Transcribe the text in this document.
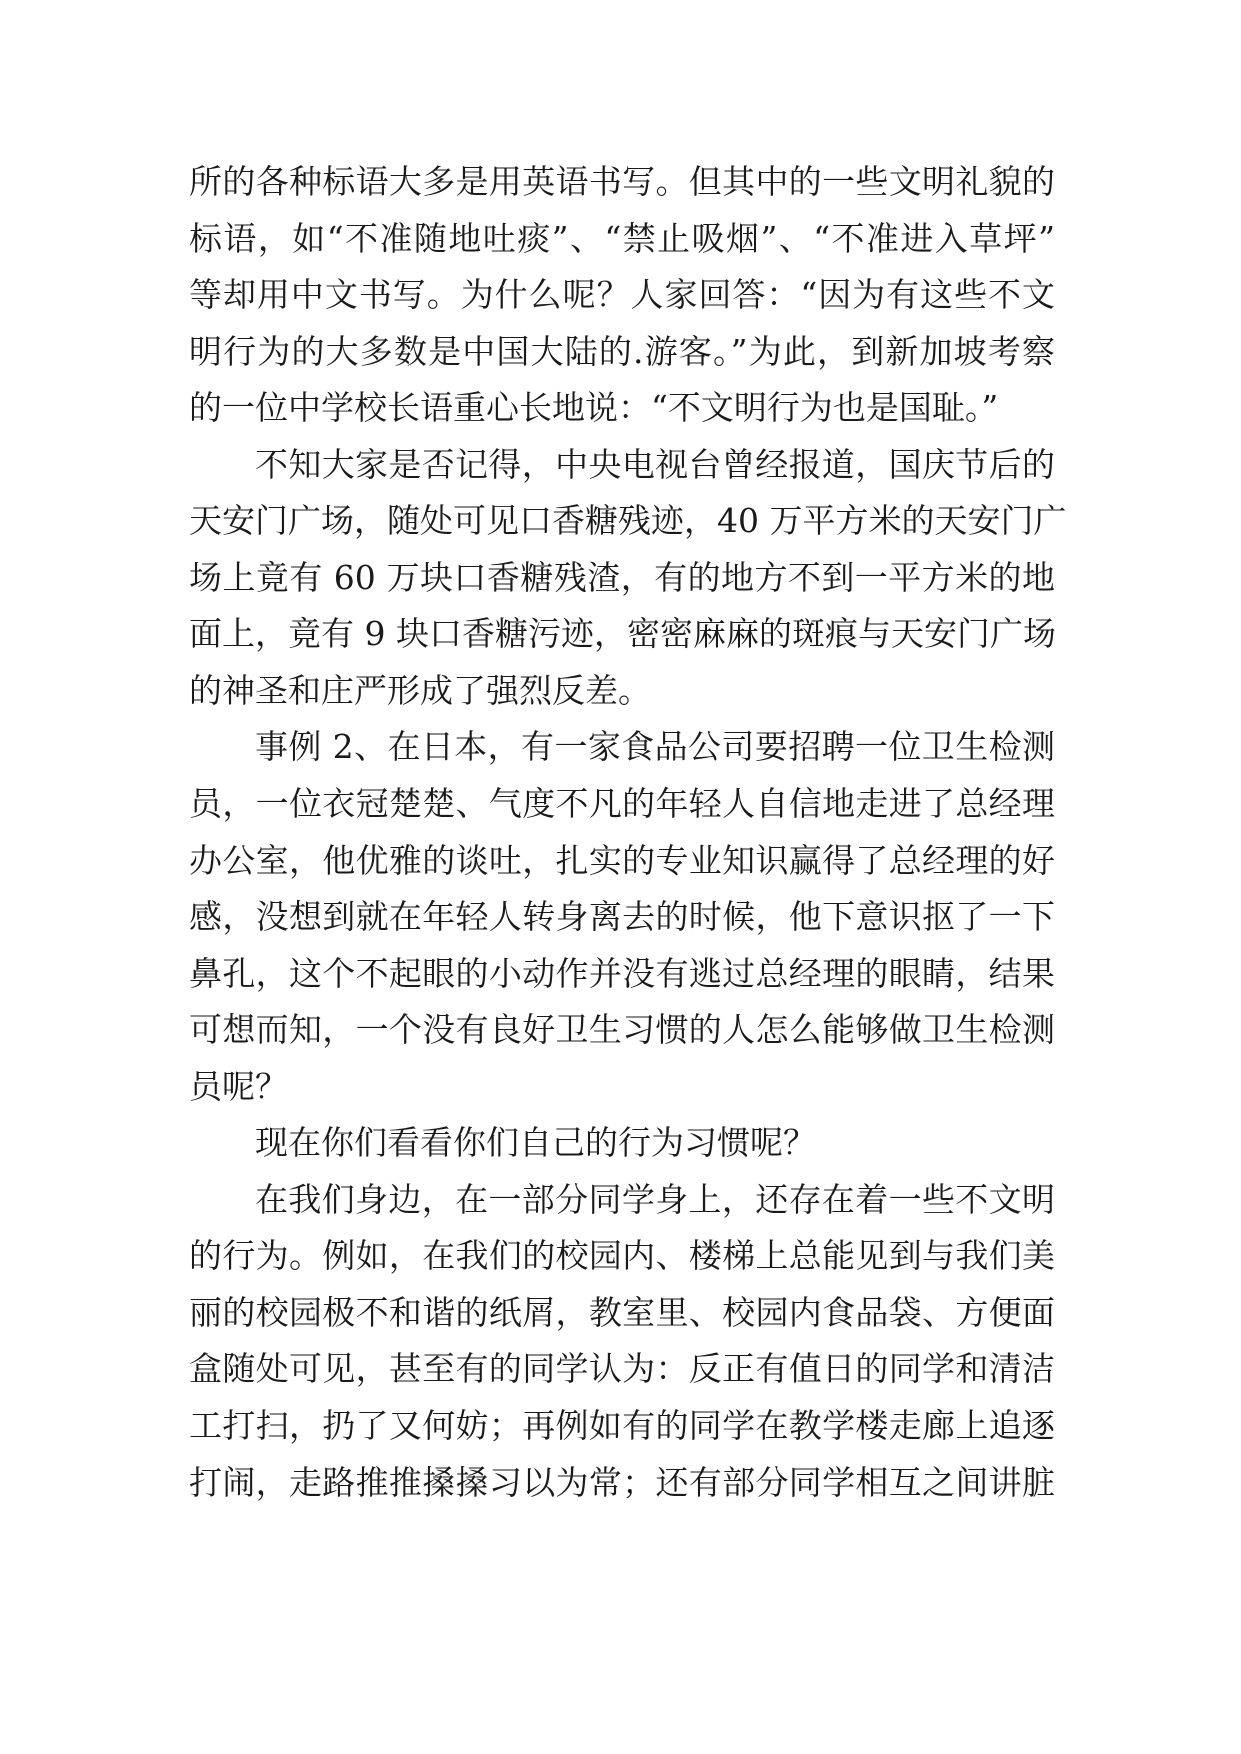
所的各种标语大多是用英语书写。但其中的一些文明礼貌的
标语，如“不准随地吐痰”、“禁止吸烟”、“不准进入草坪”
等却用中文书写。为什么呢？人家回答：“因为有这些不文
明行为的大多数是中国大陆的.游客。”为此，到新加坡考察
的一位中学校长语重心长地说：“不文明行为也是国耻。”
不知大家是否记得，中央电视台曾经报道，国庆节后的
天安门广场，随处可见口香糖残迹，40 万平方米的天安门广
场上竟有 60 万块口香糖残渣，有的地方不到一平方米的地
面上，竟有 9 块口香糖污迹，密密麻麻的斑痕与天安门广场
的神圣和庄严形成了强烈反差。
事例 2、在日本，有一家食品公司要招聘一位卫生检测
员，一位衣冠楚楚、气度不凡的年轻人自信地走进了总经理
办公室，他优雅的谈吐，扎实的专业知识赢得了总经理的好
感，没想到就在年轻人转身离去的时候，他下意识抠了一下
鼻孔，这个不起眼的小动作并没有逃过总经理的眼睛，结果
可想而知，一个没有良好卫生习惯的人怎么能够做卫生检测
员呢？
现在你们看看你们自己的行为习惯呢？
在我们身边，在一部分同学身上，还存在着一些不文明
的行为。例如，在我们的校园内、楼梯上总能见到与我们美
丽的校园极不和谐的纸屑，教室里、校园内食品袋、方便面
盒随处可见，甚至有的同学认为：反正有值日的同学和清洁
工打扫，扔了又何妨；再例如有的同学在教学楼走廊上追逐
打闹，走路推推搡搡习以为常；还有部分同学相互之间讲脏
